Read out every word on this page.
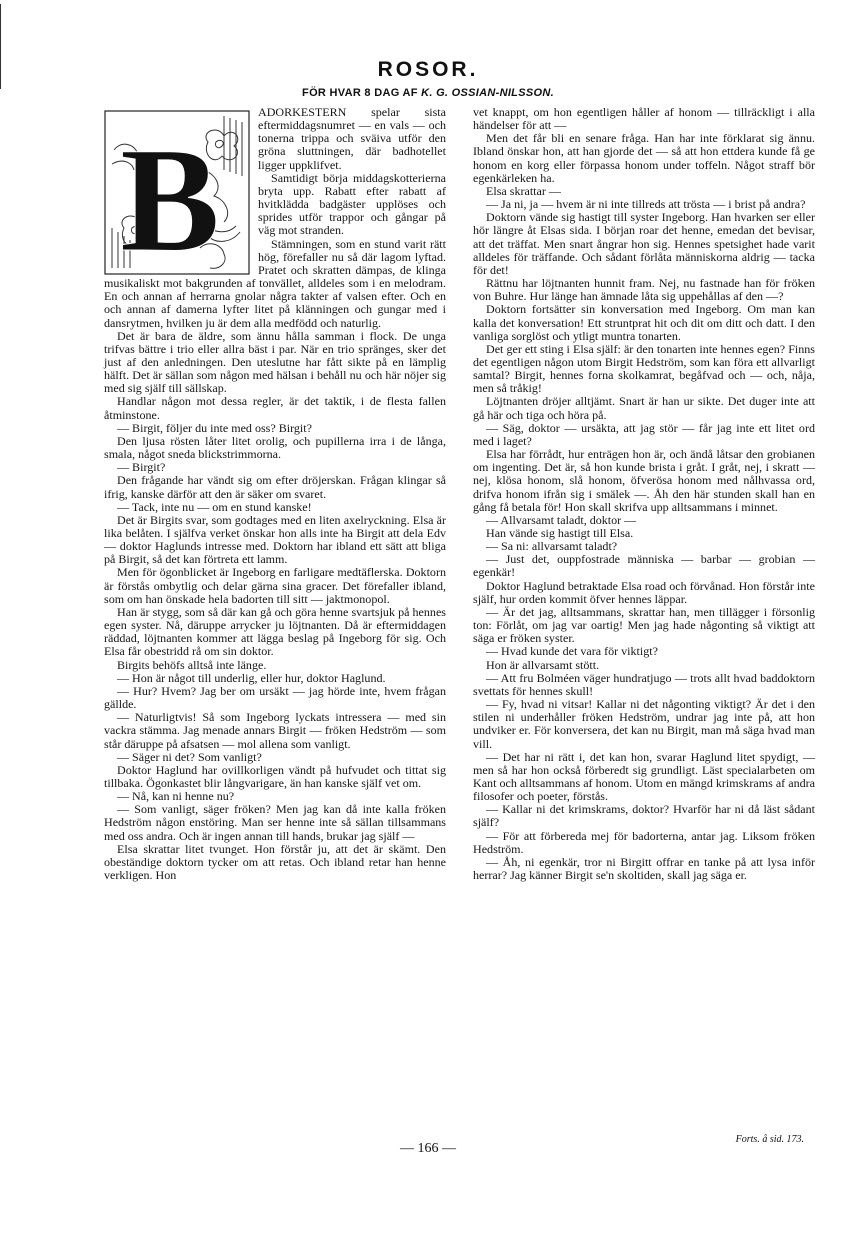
ROSOR.
FÖR HVAR 8 DAG AF K. G. OSSIAN-NILSSON.
B

ADORKESTERN spelar sista eftermiddagsnumret — en vals — och tonerna trippa och sväiva utför den gröna sluttningen, där badhotellet ligger uppklifvet.

Samtidigt börja middagskotterierna bryta upp. Rabatt efter rabatt af hvitklädda badgäster upplöses och sprides utför trappor och gångar på väg mot stranden.

Stämningen, som en stund varit rätt hög, förefaller nu så där lagom lyftad. Pratet och skratten dämpas, de klinga musikaliskt mot bakgrunden af tonvället, alldeles som i en melodram. En och annan af herrarna gnolar några takter af valsen efter. Och en och annan af damerna lyfter litet på klänningen och gungar med i dansrytmen, hvilken ju är dem alla medfödd och naturlig.

Det är bara de äldre, som ännu hålla samman i flock. De unga trifvas bättre i trio eller allra bäst i par. När en trio spränges, sker det just af den anledningen. Den uteslutne har fått sikte på en lämplig hälft. Det är sällan som någon med hälsan i behåll nu och här nöjer sig med sig själf till sällskap.

Handlar någon mot dessa regler, är det taktik, i de flesta fallen åtminstone.

— Birgit, följer du inte med oss? Birgit?

Den ljusa rösten låter litet orolig, och pupillerna irra i de långa, smala, något sneda blickstrimmorna.

— Birgit?

Den frågande har vändt sig om efter dröjerskan. Frågan klingar så ifrig, kanske därför att den är säker om svaret.

— Tack, inte nu — om en stund kanske!

Det är Birgits svar, som godtages med en liten axelryckning. Elsa är lika belåten. I själfva verket önskar hon alls inte ha Birgit att dela Edv— doktor Haglunds intresse med. Doktorn har ibland ett sätt att bliga på Birgit, så det kan förtreta ett lamm.

Men för ögonblicket är Ingeborg en farligare medtäflerska. Doktorn är förstås ombytlig och delar gärna sina gracer. Det förefaller ibland, som om han önskade hela badorten till sitt — jaktmonopol.

Han är stygg, som så där kan gå och göra henne svartsjuk på hennes egen syster. Nå, däruppe arrycker ju löjtnanten. Då är eftermiddagen räddad, löjtnanten kommer att lägga beslag på Ingeborg för sig. Och Elsa får obestridd rå om sin doktor.

Birgits behöfs alltså inte länge.

— Hon är något till underlig, eller hur, doktor Haglund.

— Hur? Hvem? Jag ber om ursäkt — jag hörde inte, hvem frågan gällde.

— Naturligtvis! Så som Ingeborg lyckats intressera — med sin vackra stämma. Jag menade annars Birgit — fröken Hedström — som står däruppe på afsatsen — mol allena som vanligt.

— Säger ni det? Som vanligt?

Doktor Haglund har ovillkorligen vändt på hufvudet och tittat sig tillbaka. Ögonkastet blir långvarigare, än han kanske själf vet om.

— Nå, kan ni henne nu?

— Som vanligt, säger fröken? Men jag kan då inte kalla fröken Hedström någon enstöring. Man ser henne inte så sällan tillsammans med oss andra. Och är ingen annan till hands, brukar jag själf —

Elsa skrattar litet tvunget. Hon förstår ju, att det är skämt. Den obeständige doktorn tycker om att retas. Och ibland retar han henne verkligen. Hon

vet knappt, om hon egentligen håller af honom — tillräckligt i alla händelser för att —

Men det får bli en senare fråga. Han har inte förklarat sig ännu. Ibland önskar hon, att han gjorde det — så att hon ettdera kunde få ge honom en korg eller förpassa honom under toffeln. Något straff bör egenkärleken ha.

Elsa skrattar —

— Ja ni, ja — hvem är ni inte tillreds att trösta — i brist på andra?

Doktorn vände sig hastigt till syster Ingeborg. Han hvarken ser eller hör längre åt Elsas sida. I början roar det henne, emedan det bevisar, att det träffat. Men snart ångrar hon sig. Hennes spetsighet hade varit alldeles för träffande. Och sådant förlåta människorna aldrig — tacka för det!

Rättnu har löjtnanten hunnit fram. Nej, nu fastnade han för fröken von Buhre. Hur länge han ämnade låta sig uppehållas af den —?

Doktorn fortsätter sin konversation med Ingeborg. Om man kan kalla det konversation! Ett struntprat hit och dit om ditt och datt. I den vanliga sorglöst och ytligt muntra tonarten.

Det ger ett sting i Elsa själf: är den tonarten inte hennes egen? Finns det egentligen någon utom Birgit Hedström, som kan föra ett allvarligt samtal? Birgit, hennes forna skolkamrat, begåfvad och — och, nåja, men så tråkig!

Löjtnanten dröjer alltjämt. Snart är han ur sikte. Det duger inte att gå här och tiga och höra på.

— Säg, doktor — ursäkta, att jag stör — får jag inte ett litet ord med i laget?

Elsa har förrådt, hur enträgen hon är, och ändå låtsar den grobianen om ingenting. Det är, så hon kunde brista i gråt. I gråt, nej, i skratt — nej, klösa honom, slå honom, öfverösa honom med nålhvassa ord, drifva honom ifrån sig i smälek —. Åh den här stunden skall han en gång få betala för! Hon skall skrifva upp alltsammans i minnet.

— Allvarsamt taladt, doktor —

Han vände sig hastigt till Elsa.

— Sa ni: allvarsamt taladt?

— Just det, ouppfostrade människa — barbar — grobian — egenkär!

Doktor Haglund betraktade Elsa road och förvånad. Hon förstår inte själf, hur orden kommit öfver hennes läppar.

— Är det jag, alltsammans, skrattar han, men tillägger i försonlig ton: Förlåt, om jag var oartig! Men jag hade någonting så viktigt att säga er fröken syster.

— Hvad kunde det vara för viktigt?

Hon är allvarsamt stött.

— Att fru Bolméen väger hundratjugo — trots allt hvad baddoktorn svettats för hennes skull!

— Fy, hvad ni vitsar! Kallar ni det någonting viktigt? Är det i den stilen ni underhåller fröken Hedström, undrar jag inte på, att hon undviker er. För konversera, det kan nu Birgit, man må säga hvad man vill.

— Det har ni rätt i, det kan hon, svarar Haglund litet spydigt, — men så har hon också förberedt sig grundligt. Läst specialarbeten om Kant och alltsammans af honom. Utom en mängd krimskrams af andra filosofer och poeter, förstås.

— Kallar ni det krimskrams, doktor? Hvarför har ni då läst sådant själf?

— För att förbereda mej för badorterna, antar jag. Liksom fröken Hedström.

— Åh, ni egenkär, tror ni Birgitt offrar en tanke på att lysa inför herrar? Jag känner Birgit se'n skoltiden, skall jag säga er.

— 166 —
Forts. å sid. 173.
